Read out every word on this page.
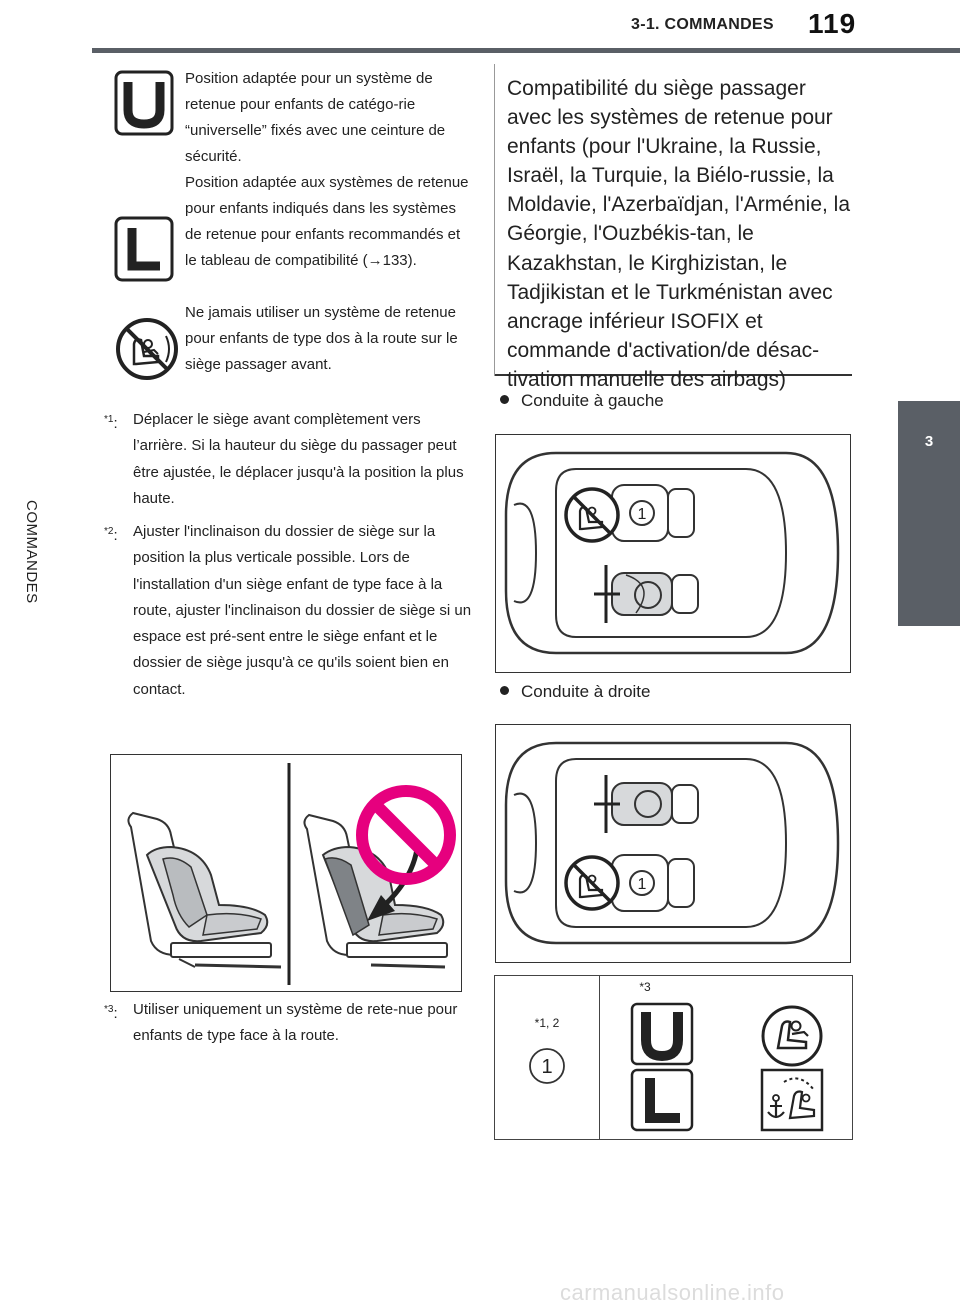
3-1. COMMANDES 119
3
COMMANDES
Position adaptée pour un système de retenue pour enfants de catégo-rie “universelle” fixés avec une ceinture de sécurité.
Position adaptée aux systèmes de retenue pour enfants indiqués dans les systèmes de retenue pour enfants recommandés et le tableau de compatibilité (→133).
Ne jamais utiliser un système de retenue pour enfants de type dos à la route sur le siège passager avant.
$^{*1}$: Déplacer le siège avant complètement vers l’arrière. Si la hauteur du siège du passager peut être ajustée, le déplacer jusqu'à la position la plus haute.
$^{*2}$: Ajuster l'inclinaison du dossier de siège sur la position la plus verticale possible. Lors de l'installation d'un siège enfant de type face à la route, ajuster l'inclinaison du dossier de siège si un espace est pré-sent entre le siège enfant et le dossier de siège jusqu'à ce qu'ils soient bien en contact.
$^{*3}$: Utiliser uniquement un système de rete-nue pour enfants de type face à la route.
Compatibilité du siège passager avec les systèmes de retenue pour enfants (pour l'Ukraine, la Russie, Israël, la Turquie, la Biélo-russie, la Moldavie, l'Azerbaïdjan, l'Arménie, la Géorgie, l'Ouzbékis-tan, le Kazakhstan, le Kirghizistan, le Tadjikistan et le Turkménistan avec ancrage inférieur ISOFIX et commande d'activation/de désac-tivation manuelle des airbags)
Conduite à gauche
1
Conduite à droite
1
*1, 2
1

*3
carmanualsonline.info
